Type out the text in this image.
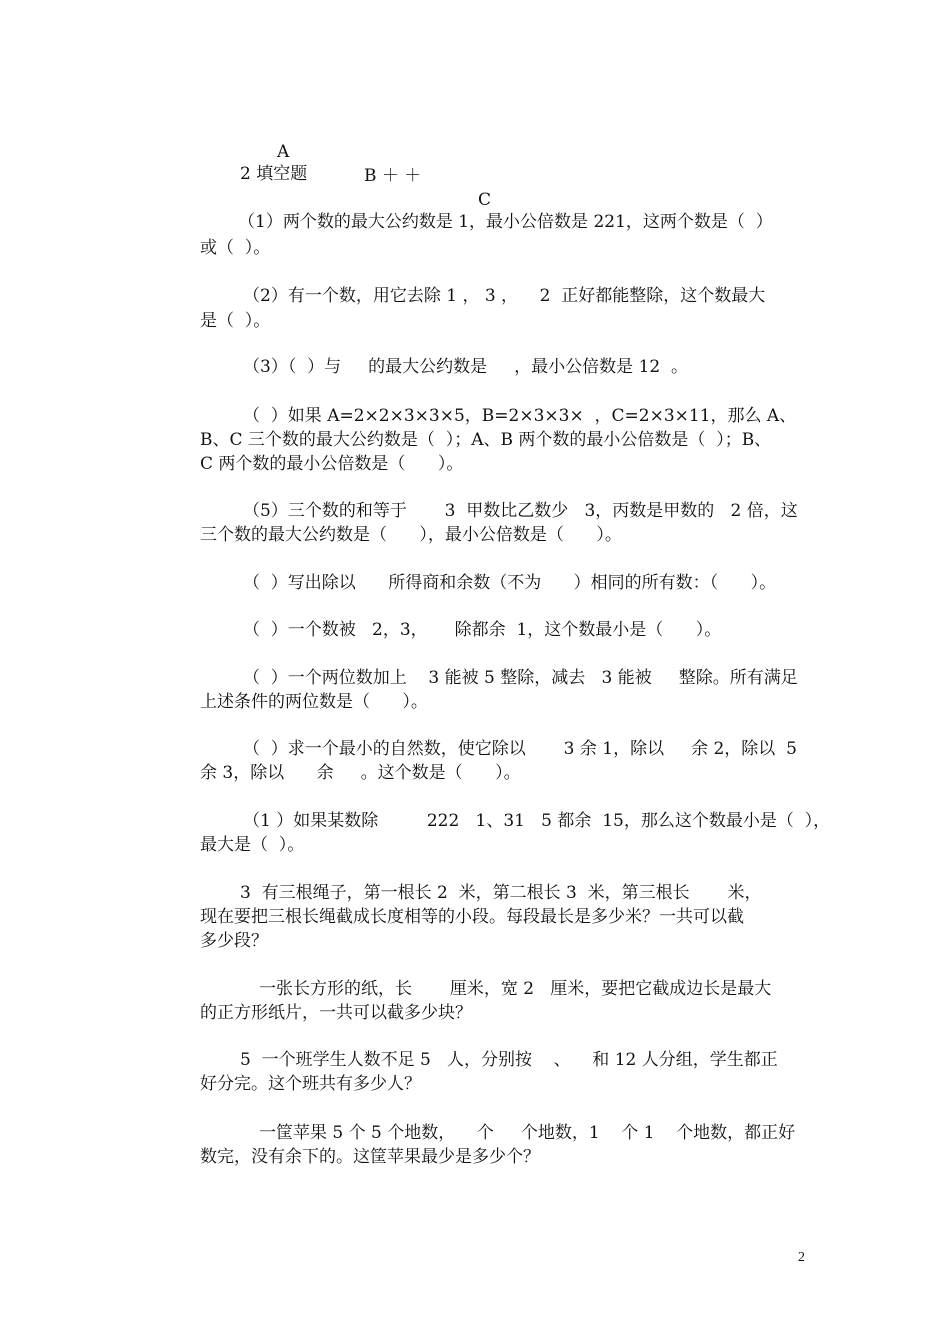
A

B ＋ ＋

C

2 填空题
（1）两个数的最大公约数是 1，最小公倍数是 221，这两个数是（  ）
或（  ）。
（2）有一个数，用它去除 1 ， 3 ，    2  正好都能整除，这个数最大
是（  ）。
（3）（  ）与     的最大公约数是     ，最小公倍数是 12  。
（  ）如果 A=2×2×3×3×5，B=2×3×3×  ，C=2×3×11，那么 A、
B、C 三个数的最大公约数是（  ）；A、B 两个数的最小公倍数是（  ）；B、
C 两个数的最小公倍数是（      ）。
（5）三个数的和等于       3  甲数比乙数少   3，丙数是甲数的   2 倍，这
三个数的最大公约数是（      ），最小公倍数是（      ）。
（  ）写出除以      所得商和余数（不为      ）相同的所有数：（      ）。
（  ）一个数被   2，3，     除都余  1，这个数最小是（      ）。
（  ）一个两位数加上    3 能被 5 整除，减去   3 能被     整除。所有满足
上述条件的两位数是（      ）。
（  ）求一个最小的自然数，使它除以       3 余 1，除以     余 2，除以  5
余 3，除以      余     。这个数是（      ）。
（1 ）如果某数除         222   1、31   5 都余  15，那么这个数最小是（  ），
最大是（  ）。
3  有三根绳子，第一根长 2  米，第二根长 3  米，第三根长       米，
现在要把三根长绳截成长度相等的小段。每段最长是多少米？一共可以截
多少段？
一张长方形的纸，长       厘米，宽 2   厘米，要把它截成边长是最大
的正方形纸片，一共可以截多少块？
5  一个班学生人数不足 5   人，分别按    、    和 12 人分组，学生都正
好分完。这个班共有多少人？
一筐苹果 5 个 5 个地数，    个     个地数，1    个 1    个地数，都正好
数完，没有余下的。这筐苹果最少是多少个？
2
